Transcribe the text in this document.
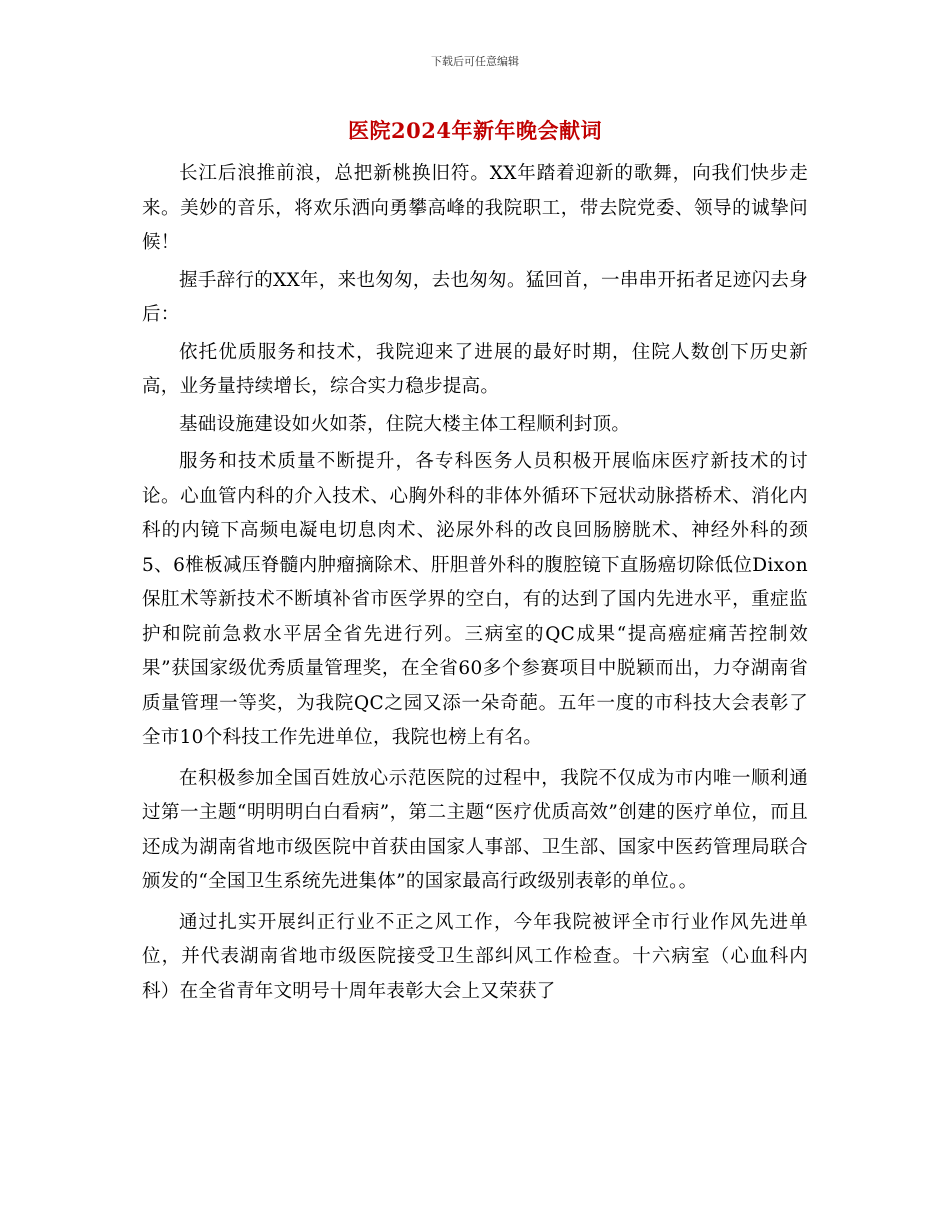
下载后可任意编辑
医院2024年新年晚会献词

长江后浪推前浪，总把新桃换旧符。XX年踏着迎新的歌舞，向我们快步走来。美妙的音乐，将欢乐洒向勇攀高峰的我院职工，带去院党委、领导的诚挚问候！

握手辞行的XX年，来也匆匆，去也匆匆。猛回首，一串串开拓者足迹闪去身后：

依托优质服务和技术，我院迎来了进展的最好时期，住院人数创下历史新高，业务量持续增长，综合实力稳步提高。

基础设施建设如火如荼，住院大楼主体工程顺利封顶。

服务和技术质量不断提升，各专科医务人员积极开展临床医疗新技术的讨论。心血管内科的介入技术、心胸外科的非体外循环下冠状动脉搭桥术、消化内科的内镜下高频电凝电切息肉术、泌尿外科的改良回肠膀胱术、神经外科的颈5、6椎板减压脊髓内肿瘤摘除术、肝胆普外科的腹腔镜下直肠癌切除低位Dixon保肛术等新技术不断填补省市医学界的空白，有的达到了国内先进水平，重症监护和院前急救水平居全省先进行列。三病室的QC成果“提高癌症痛苦控制效果”获国家级优秀质量管理奖，在全省60多个参赛项目中脱颖而出，力夺湖南省质量管理一等奖，为我院QC之园又添一朵奇葩。五年一度的市科技大会表彰了全市10个科技工作先进单位，我院也榜上有名。

在积极参加全国百姓放心示范医院的过程中，我院不仅成为市内唯一顺利通过第一主题“明明明白白看病”，第二主题“医疗优质高效”创建的医疗单位，而且还成为湖南省地市级医院中首获由国家人事部、卫生部、国家中医药管理局联合颁发的“全国卫生系统先进集体”的国家最高行政级别表彰的单位。。

通过扎实开展纠正行业不正之风工作，今年我院被评全市行业作风先进单位，并代表湖南省地市级医院接受卫生部纠风工作检查。十六病室（心血科内科）在全省青年文明号十周年表彰大会上又荣获了
